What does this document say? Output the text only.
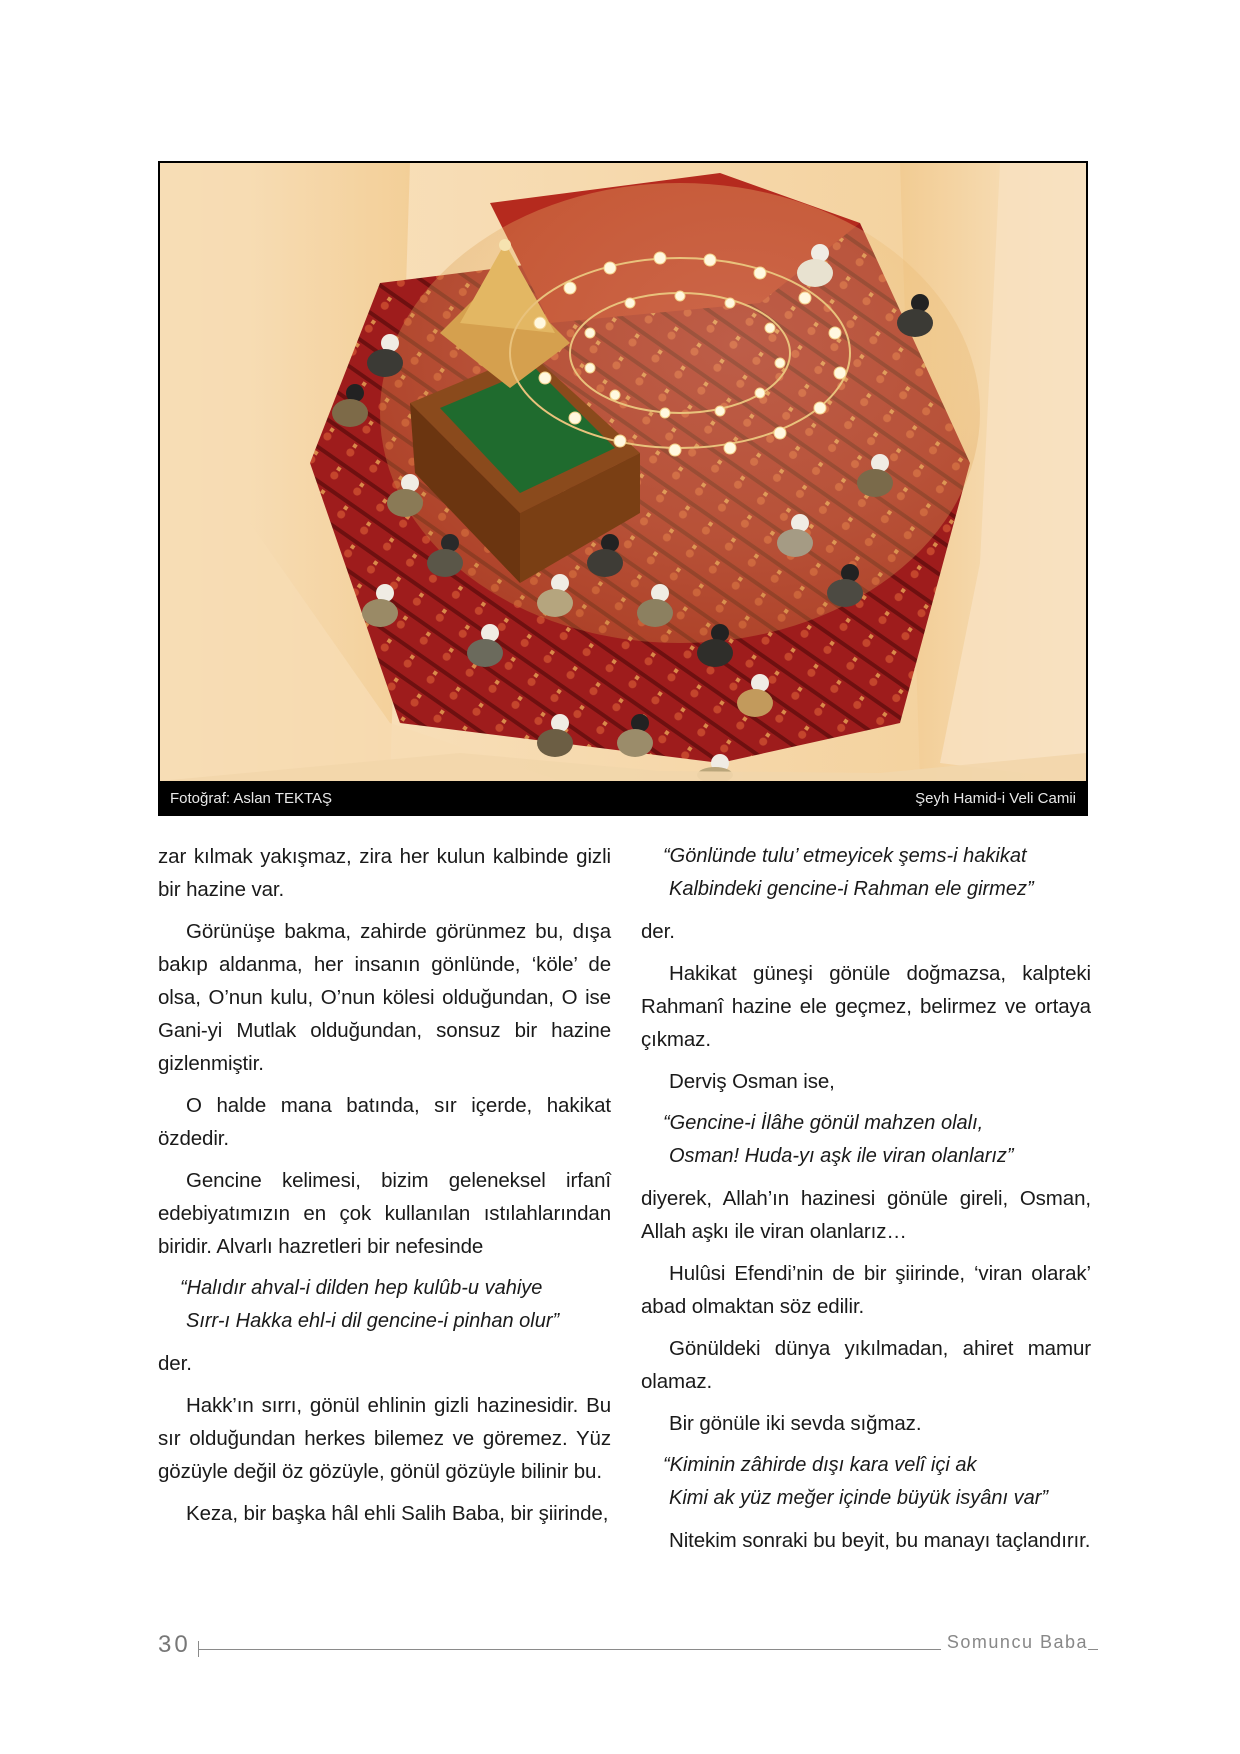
Fotoğraf: Aslan TEKTAŞ	Şeyh Hamid-i Veli Camii

zar kılmak yakışmaz, zira her kulun kalbinde gizli bir hazine var.

Görünüşe bakma, zahirde görünmez bu, dışa bakıp aldanma, her insanın gönlünde, ‘köle’ de olsa, O’nun kulu, O’nun kölesi olduğundan, O ise Gani-yi Mutlak olduğundan, sonsuz bir hazine gizlenmiştir.

O halde mana batında, sır içerde, hakikat özdedir.

Gencine kelimesi, bizim geleneksel irfanî edebiyatımızın en çok kullanılan ıstılahlarından biridir. Alvarlı hazretleri bir nefesinde

“Halıdır ahval-i dilden hep kulûb-u vahiye
Sırr-ı Hakka ehl-i dil gencine-i pinhan olur”

der.

Hakk’ın sırrı, gönül ehlinin gizli hazinesidir. Bu sır olduğundan herkes bilemez ve göremez. Yüz gözüyle değil öz gözüyle, gönül gözüyle bilinir bu.

Keza, bir başka hâl ehli Salih Baba, bir şiirinde,

“Gönlünde tulu’ etmeyicek şems-i hakikat
Kalbindeki gencine-i Rahman ele girmez”

der.

Hakikat güneşi gönüle doğmazsa, kalpteki Rahmanî hazine ele geçmez, belirmez ve ortaya çıkmaz.

Derviş Osman ise,

“Gencine-i İlâhe gönül mahzen olalı,
Osman! Huda-yı aşk ile viran olanlarız”

diyerek, Allah’ın hazinesi gönüle gireli, Osman, Allah aşkı ile viran olanlarız…

Hulûsi Efendi’nin de bir şiirinde, ‘viran olarak’ abad olmaktan söz edilir.

Gönüldeki dünya yıkılmadan, ahiret mamur olamaz.

Bir gönüle iki sevda sığmaz.

“Kiminin zâhirde dışı kara velî içi ak
Kimi ak yüz meğer içinde büyük isyânı var”

Nitekim sonraki bu beyit, bu manayı taçlandırır.

30	Somuncu Baba
